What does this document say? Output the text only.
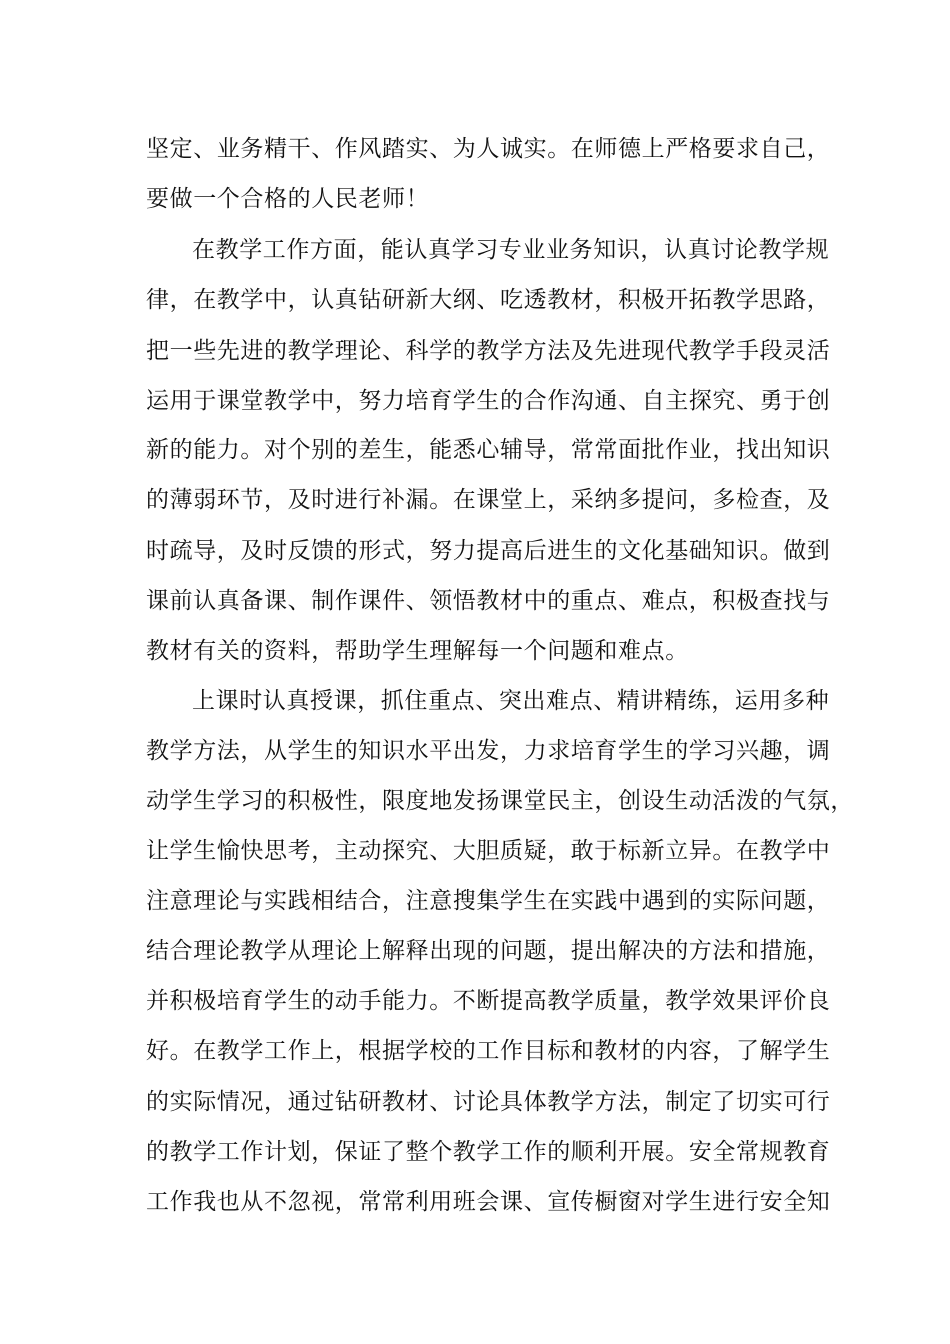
坚定、业务精干、作风踏实、为人诚实。在师德上严格要求自己，
要做一个合格的人民老师！
在教学工作方面，能认真学习专业业务知识，认真讨论教学规
律，在教学中，认真钻研新大纲、吃透教材，积极开拓教学思路，
把一些先进的教学理论、科学的教学方法及先进现代教学手段灵活
运用于课堂教学中，努力培育学生的合作沟通、自主探究、勇于创
新的能力。对个别的差生，能悉心辅导，常常面批作业，找出知识
的薄弱环节，及时进行补漏。在课堂上，采纳多提问，多检查，及
时疏导，及时反馈的形式，努力提高后进生的文化基础知识。做到
课前认真备课、制作课件、领悟教材中的重点、难点，积极查找与
教材有关的资料，帮助学生理解每一个问题和难点。
上课时认真授课，抓住重点、突出难点、精讲精练，运用多种
教学方法，从学生的知识水平出发，力求培育学生的学习兴趣，调
动学生学习的积极性，限度地发扬课堂民主，创设生动活泼的气氛，
让学生愉快思考，主动探究、大胆质疑，敢于标新立异。在教学中
注意理论与实践相结合，注意搜集学生在实践中遇到的实际问题，
结合理论教学从理论上解释出现的问题，提出解决的方法和措施，
并积极培育学生的动手能力。不断提高教学质量，教学效果评价良
好。在教学工作上，根据学校的工作目标和教材的内容，了解学生
的实际情况，通过钻研教材、讨论具体教学方法，制定了切实可行
的教学工作计划，保证了整个教学工作的顺利开展。安全常规教育
工作我也从不忽视，常常利用班会课、宣传橱窗对学生进行安全知
